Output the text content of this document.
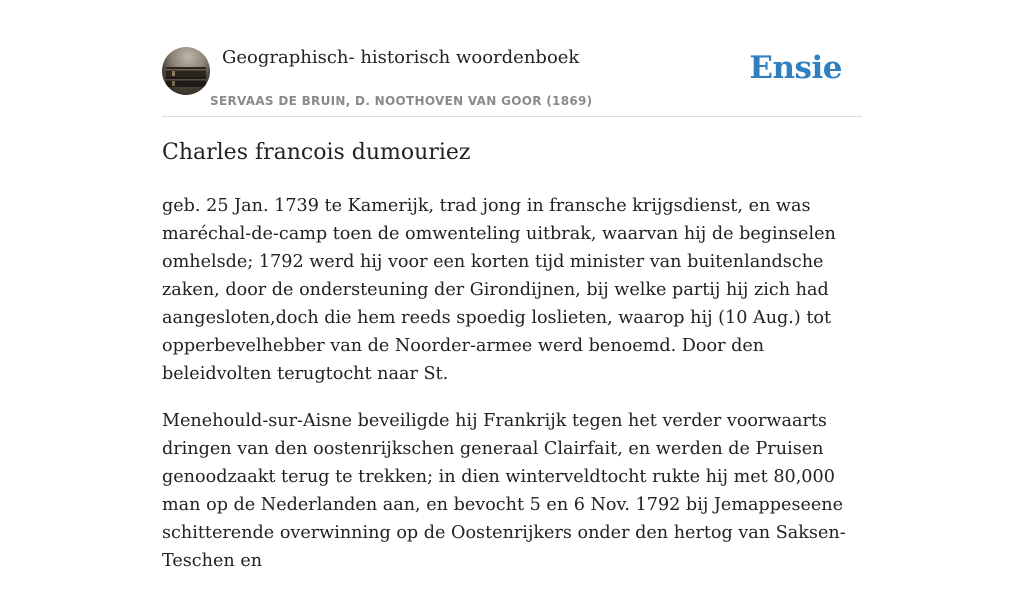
Geographisch- historisch woordenboek
SERVAAS DE BRUIN, D. NOOTHOVEN VAN GOOR (1869)
Ensie
Charles francois dumouriez

geb. 25 Jan. 1739 te Kamerijk, trad jong in fransche krijgsdienst, en was maréchal-de-camp toen de omwenteling uitbrak, waarvan hij de beginselen omhelsde; 1792 werd hij voor een korten tijd minister van buitenlandsche zaken, door de ondersteuning der Girondijnen, bij welke partij hij zich had aangesloten,doch die hem reeds spoedig loslieten, waarop hij (10 Aug.) tot opperbevelhebber van de Noorder-armee werd benoemd. Door den beleidvolten terugtocht naar St.

Menehould-sur-Aisne beveiligde hij Frankrijk tegen het verder voorwaarts dringen van den oostenrijkschen generaal Clairfait, en werden de Pruisen genoodzaakt terug te trekken; in dien winterveldtocht rukte hij met 80,000 man op de Nederlanden aan, en bevocht 5 en 6 Nov. 1792 bij Jemappeseene schitterende overwinning op de Oostenrijkers onder den hertog van Saksen-Teschen en
